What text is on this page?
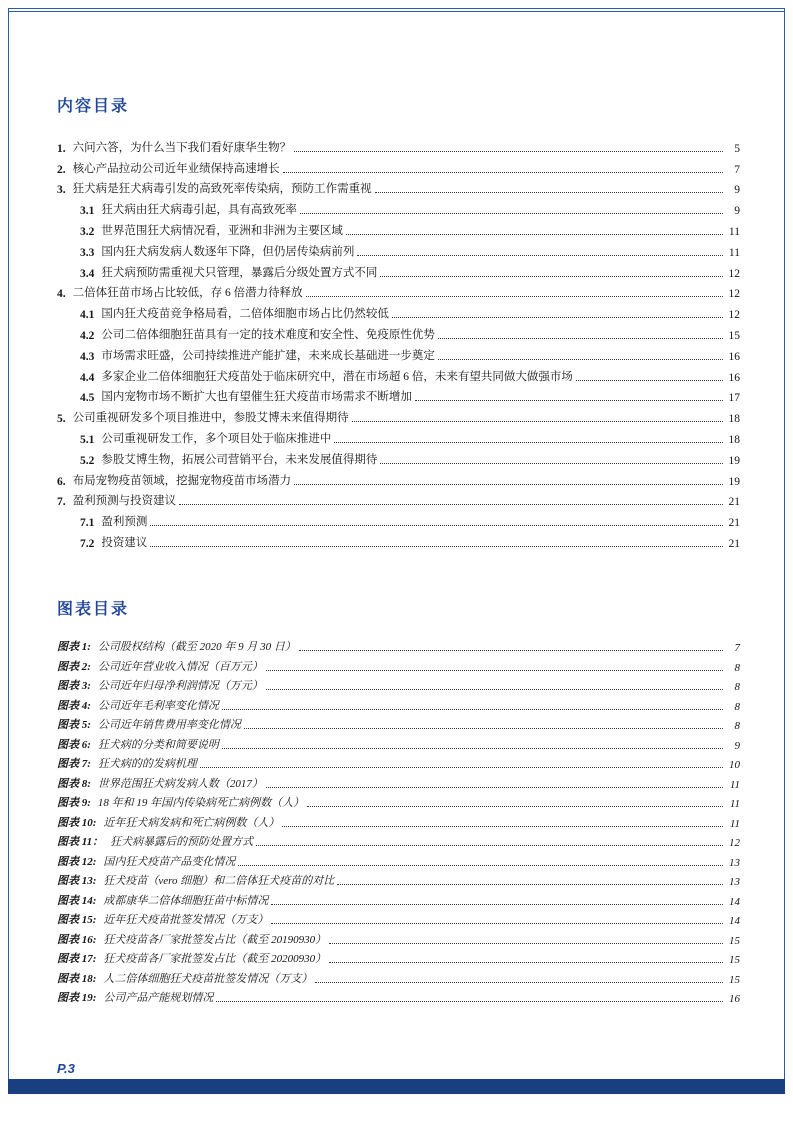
内容目录
1. 六问六答，为什么当下我们看好康华生物？	5
2. 核心产品拉动公司近年业绩保持高速增长	7
3. 狂犬病是狂犬病毒引发的高致死率传染病，预防工作需重视	9
3.1 狂犬病由狂犬病毒引起，具有高致死率	9
3.2 世界范围狂犬病情况看，亚洲和非洲为主要区域	11
3.3 国内狂犬病发病人数逐年下降，但仍居传染病前列	11
3.4 狂犬病预防需重视犬只管理，暴露后分级处置方式不同	12
4. 二倍体狂苗市场占比较低，存 6 倍潜力待释放	12
4.1 国内狂犬疫苗竞争格局看，二倍体细胞市场占比仍然较低	12
4.2 公司二倍体细胞狂苗具有一定的技术难度和安全性、免疫原性优势	15
4.3 市场需求旺盛，公司持续推进产能扩建，未来成长基础进一步奠定	16
4.4 多家企业二倍体细胞狂犬疫苗处于临床研究中，潜在市场超 6 倍，未来有望共同做大做强市场	16
4.5 国内宠物市场不断扩大也有望催生狂犬疫苗市场需求不断增加	17
5. 公司重视研发多个项目推进中，参股艾博未来值得期待	18
5.1 公司重视研发工作，多个项目处于临床推进中	18
5.2 参股艾博生物，拓展公司营销平台，未来发展值得期待	19
6. 布局宠物疫苗领域，挖掘宠物疫苗市场潜力	19
7. 盈利预测与投资建议	21
7.1 盈利预测	21
7.2 投资建议	21
图表目录
图表 1: 公司股权结构（截至 2020 年 9 月 30 日）	7
图表 2: 公司近年营业收入情况（百万元）	8
图表 3: 公司近年归母净利润情况（万元）	8
图表 4: 公司近年毛利率变化情况	8
图表 5: 公司近年销售费用率变化情况	8
图表 6: 狂犬病的分类和简要说明	9
图表 7: 狂犬病的的发病机理	10
图表 8: 世界范围狂犬病发病人数（2017）	11
图表 9: 18 年和 19 年国内传染病死亡病例数（人）	11
图表 10: 近年狂犬病发病和死亡病例数（人）	11
图表 11： 狂犬病暴露后的预防处置方式	12
图表 12: 国内狂犬疫苗产品变化情况	13
图表 13: 狂犬疫苗（vero 细胞）和二倍体狂犬疫苗的对比	13
图表 14: 成都康华二倍体细胞狂苗中标情况	14
图表 15: 近年狂犬疫苗批签发情况（万支）	14
图表 16: 狂犬疫苗各厂家批签发占比（截至 20190930）	15
图表 17: 狂犬疫苗各厂家批签发占比（截至 20200930）	15
图表 18: 人二倍体细胞狂犬疫苗批签发情况（万支）	15
图表 19: 公司产品产能规划情况	16
P.3
